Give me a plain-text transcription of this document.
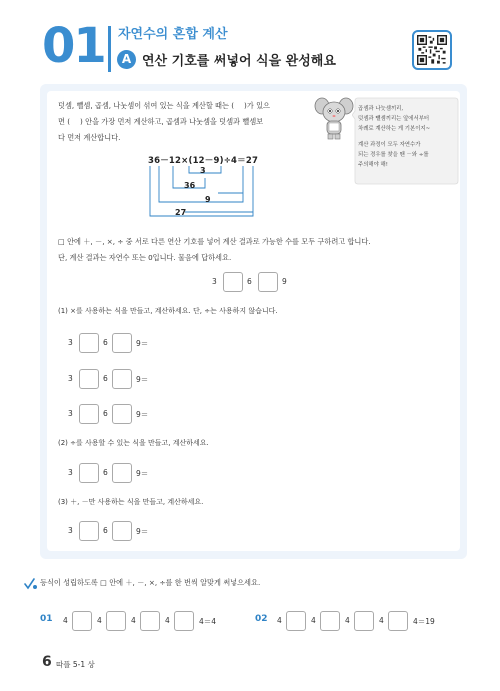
01 자연수의 혼합 계산
A 연산 기호를 써넣어 식을 완성해요
덧셈, 뺄셈, 곱셈, 나눗셈이 섞여 있는 식을 계산할 때는 ( )가 있으
면 ( ) 안을 가장 먼저 계산하고, 곱셈과 나눗셈을 덧셈과 뺄셈보
다 먼저 계산합니다.
곱셈과 나눗셈끼리,
덧셈과 뺄셈끼리는 앞에서부터
차례로 계산하는 게 기본이지~
계산 과정이 모두 자연수가
되는 경우를 찾을 땐 －와 ÷를
주의해야 해!
36－12×(12－9)÷4＝27
3
36
9
27
□ 안에 ＋, －, ×, ÷ 중 서로 다른 연산 기호를 넣어 계산 결과로 가능한 수를 모두 구하려고 합니다.
단, 계산 결과는 자연수 또는 0입니다. 물음에 답하세요.
3	6	9
(1) ×를 사용하는 식을 만들고, 계산하세요. 단, ÷는 사용하지 않습니다.
3	6	9＝
3	6	9＝
3	6	9＝
(2) ÷를 사용할 수 있는 식을 만들고, 계산하세요.
3	6	9＝
(3) ＋, －만 사용하는 식을 만들고, 계산하세요.
3	6	9＝
등식이 성립하도록 □ 안에 ＋, －, ×, ÷를 한 번씩 알맞게 써넣으세요.
01 4	4	4	4	4＝4	02 4	4	4	4	4＝19
6 따플 5-1 상
